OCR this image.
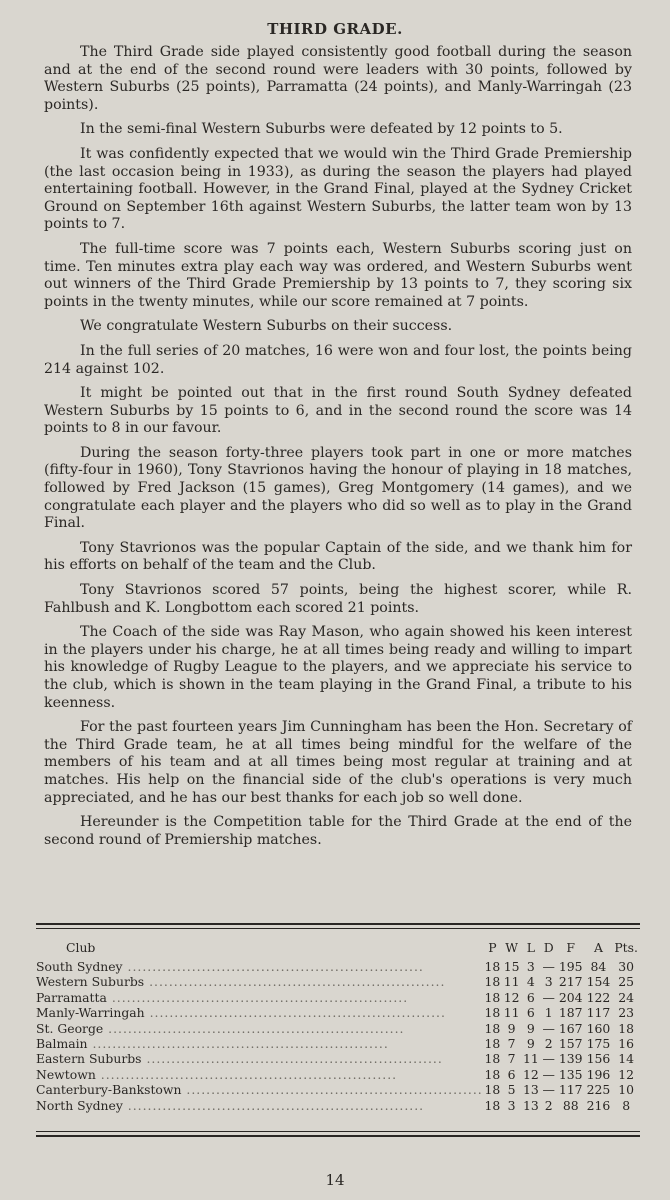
THIRD GRADE.

The Third Grade side played consistently good football during the season and at the end of the second round were leaders with 30 points, followed by Western Suburbs (25 points), Parramatta (24 points), and Manly-Warringah (23 points).

In the semi-final Western Suburbs were defeated by 12 points to 5.

It was confidently expected that we would win the Third Grade Premiership (the last occasion being in 1933), as during the season the players had played entertaining football. However, in the Grand Final, played at the Sydney Cricket Ground on September 16th against Western Suburbs, the latter team won by 13 points to 7.

The full-time score was 7 points each, Western Suburbs scoring just on time. Ten minutes extra play each way was ordered, and Western Suburbs went out winners of the Third Grade Premiership by 13 points to 7, they scoring six points in the twenty minutes, while our score remained at 7 points.

We congratulate Western Suburbs on their success.

In the full series of 20 matches, 16 were won and four lost, the points being 214 against 102.

It might be pointed out that in the first round South Sydney defeated Western Suburbs by 15 points to 6, and in the second round the score was 14 points to 8 in our favour.

During the season forty-three players took part in one or more matches (fifty-four in 1960), Tony Stavrionos having the honour of playing in 18 matches, followed by Fred Jackson (15 games), Greg Montgomery (14 games), and we congratulate each player and the players who did so well as to play in the Grand Final.

Tony Stavrionos was the popular Captain of the side, and we thank him for his efforts on behalf of the team and the Club.

Tony Stavrionos scored 57 points, being the highest scorer, while R. Fahlbush and K. Longbottom each scored 21 points.

The Coach of the side was Ray Mason, who again showed his keen interest in the players under his charge, he at all times being ready and willing to impart his knowledge of Rugby League to the players, and we appreciate his service to the club, which is shown in the team playing in the Grand Final, a tribute to his keenness.

For the past fourteen years Jim Cunningham has been the Hon. Secretary of the Third Grade team, he at all times being mindful for the welfare of the members of his team and at all times being most regular at training and at matches. His help on the financial side of the club's operations is very much appreciated, and he has our best thanks for each job so well done.

Hereunder is the Competition table for the Third Grade at the end of the second round of Premiership matches.

Club	P	W	L	D	F	A	Pts.
South Sydney ............................................................	18	15	3	—	195	84	30
Western Suburbs ............................................................	18	11	4	3	217	154	25
Parramatta ............................................................	18	12	6	—	204	122	24
Manly-Warringah ............................................................	18	11	6	1	187	117	23
St. George ............................................................	18	9	9	—	167	160	18
Balmain ............................................................	18	7	9	2	157	175	16
Eastern Suburbs ............................................................	18	7	11	—	139	156	14
Newtown ............................................................	18	6	12	—	135	196	12
Canterbury-Bankstown ............................................................	18	5	13	—	117	225	10
North Sydney ............................................................	18	3	13	2	88	216	8
14
